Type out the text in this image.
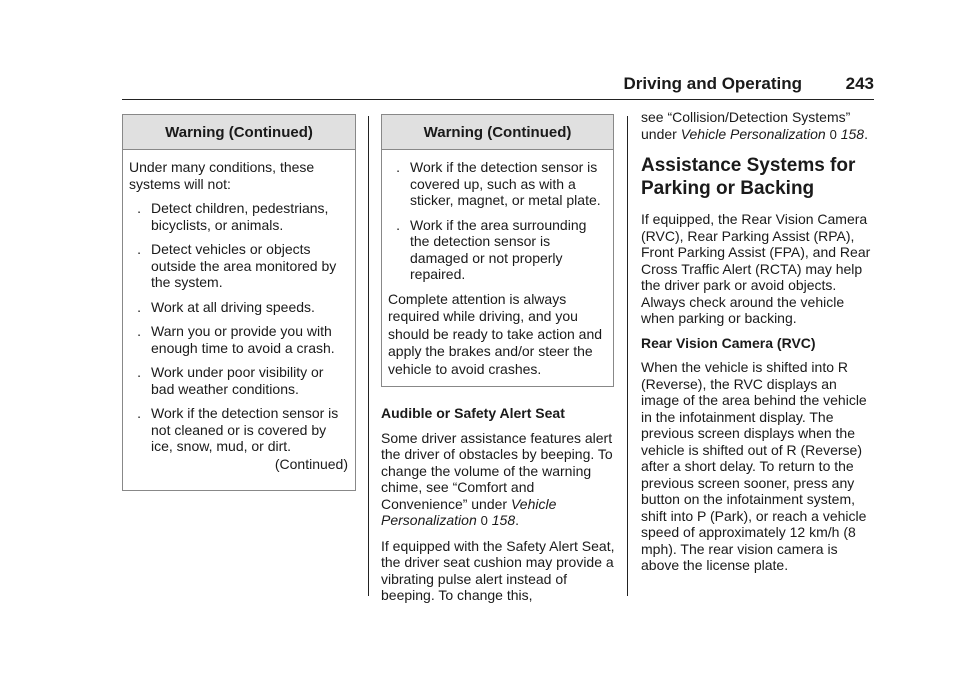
Driving and Operating	243
Warning (Continued)

Under many conditions, these systems will not:

. Detect children, pedestrians, bicyclists, or animals.
. Detect vehicles or objects outside the area monitored by the system.
. Work at all driving speeds.
. Warn you or provide you with enough time to avoid a crash.
. Work under poor visibility or bad weather conditions.
. Work if the detection sensor is not cleaned or is covered by ice, snow, mud, or dirt.
(Continued)
Warning (Continued)
. Work if the detection sensor is covered up, such as with a sticker, magnet, or metal plate.
. Work if the area surrounding the detection sensor is damaged or not properly repaired.

Complete attention is always required while driving, and you should be ready to take action and apply the brakes and/or steer the vehicle to avoid crashes.

Audible or Safety Alert Seat

Some driver assistance features alert the driver of obstacles by beeping. To change the volume of the warning chime, see “Comfort and Convenience” under Vehicle Personalization 0 158.

If equipped with the Safety Alert Seat, the driver seat cushion may provide a vibrating pulse alert instead of beeping. To change this,

see “Collision/Detection Systems” under Vehicle Personalization 0 158.

Assistance Systems for Parking or Backing

If equipped, the Rear Vision Camera (RVC), Rear Parking Assist (RPA), Front Parking Assist (FPA), and Rear Cross Traffic Alert (RCTA) may help the driver park or avoid objects. Always check around the vehicle when parking or backing.

Rear Vision Camera (RVC)

When the vehicle is shifted into R (Reverse), the RVC displays an image of the area behind the vehicle in the infotainment display. The previous screen displays when the vehicle is shifted out of R (Reverse) after a short delay. To return to the previous screen sooner, press any button on the infotainment system, shift into P (Park), or reach a vehicle speed of approximately 12 km/h (8 mph). The rear vision camera is above the license plate.
